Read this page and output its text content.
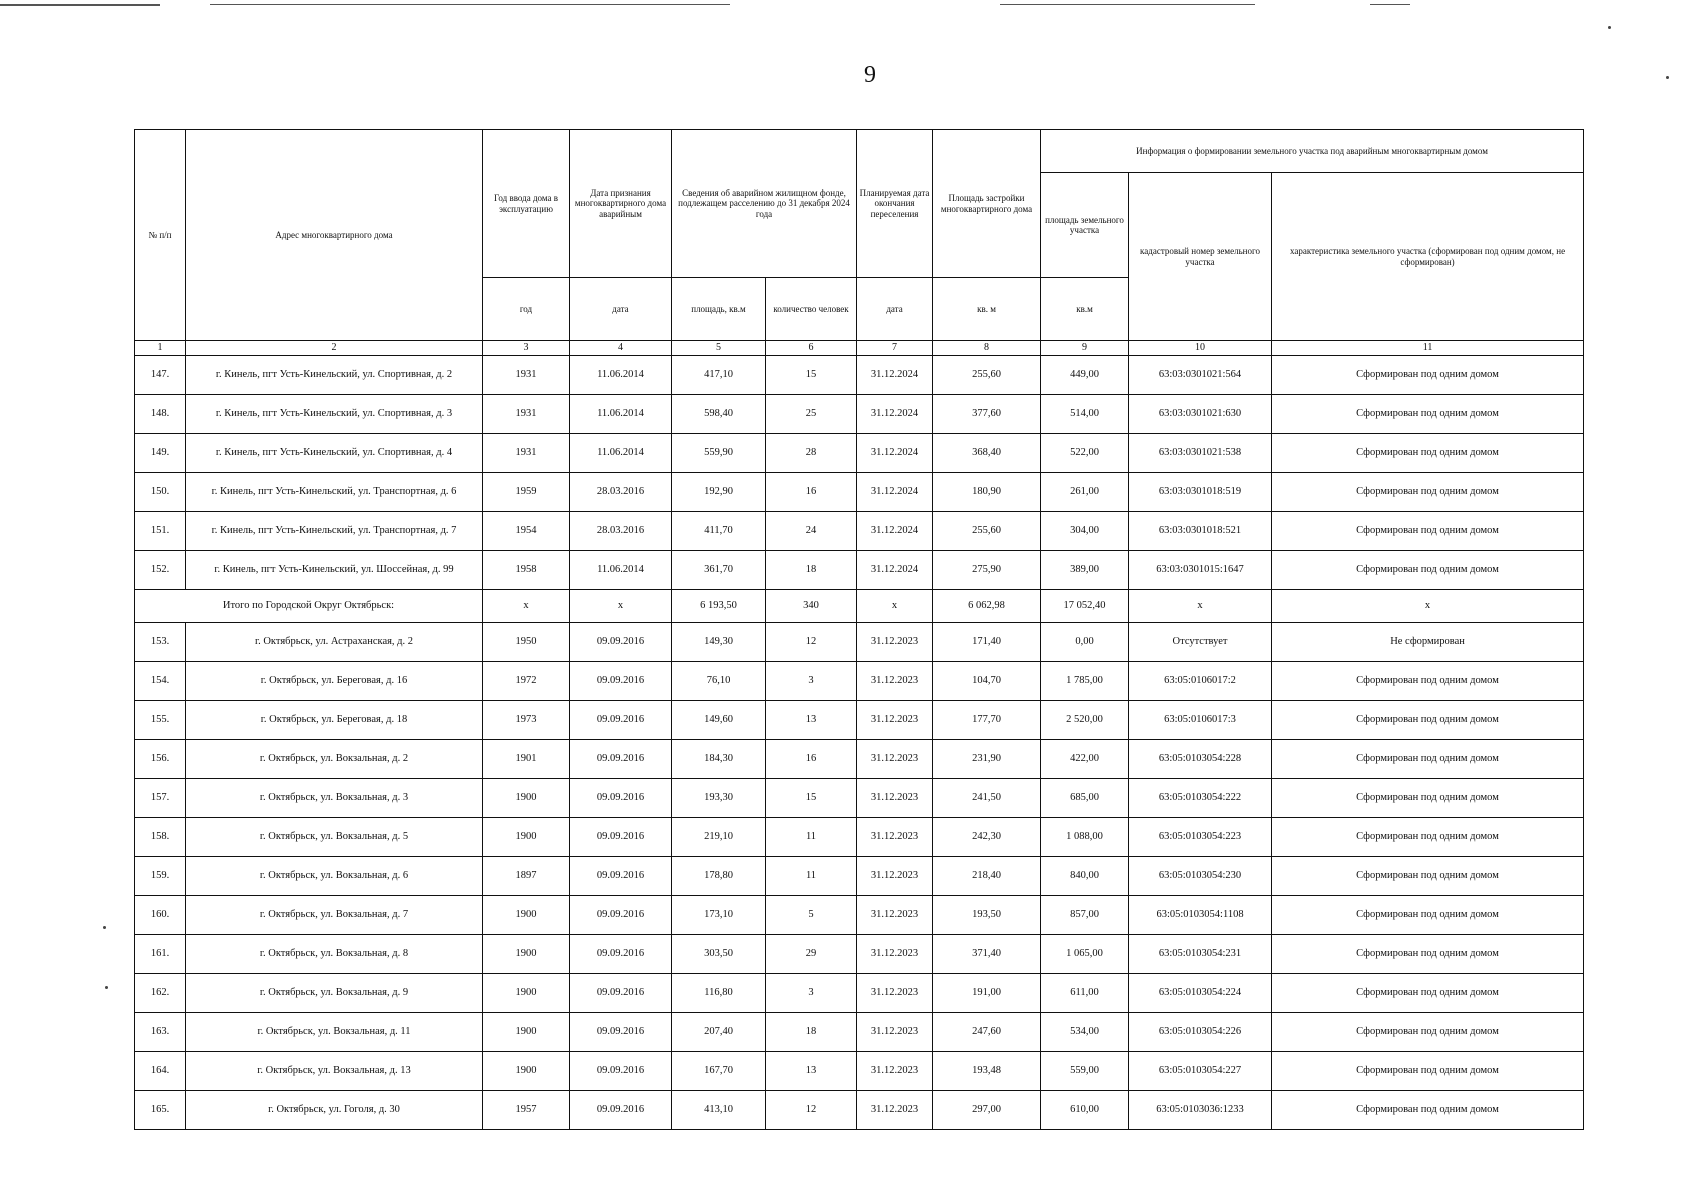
9
№ п/п	Адрес многоквартирного дома	Год ввода дома в эксплуатацию	Дата признания многоквартирного дома аварийным	Сведения об аварийном жилищном фонде, подлежащем расселению до 31 декабря 2024 года		Планируемая дата окончания переселения	Площадь застройки многоквартирного дома	Информация о формировании земельного участка под аварийным многоквартирным домом		
								площадь земельного участка	кадастровый номер земельного участка	характеристика земельного участка (сформирован под одним домом, не сформирован)
		год	дата	площадь, кв.м	количество человек	дата	кв. м	кв.м		
1	2	3	4	5	6	7	8	9	10	11
147.	г. Кинель, пгт Усть-Кинельский, ул. Спортивная, д. 2	1931	11.06.2014	417,10	15	31.12.2024	255,60	449,00	63:03:0301021:564	Сформирован под одним домом
148.	г. Кинель, пгт Усть-Кинельский, ул. Спортивная, д. 3	1931	11.06.2014	598,40	25	31.12.2024	377,60	514,00	63:03:0301021:630	Сформирован под одним домом
149.	г. Кинель, пгт Усть-Кинельский, ул. Спортивная, д. 4	1931	11.06.2014	559,90	28	31.12.2024	368,40	522,00	63:03:0301021:538	Сформирован под одним домом
150.	г. Кинель, пгт Усть-Кинельский, ул. Транспортная, д. 6	1959	28.03.2016	192,90	16	31.12.2024	180,90	261,00	63:03:0301018:519	Сформирован под одним домом
151.	г. Кинель, пгт Усть-Кинельский, ул. Транспортная, д. 7	1954	28.03.2016	411,70	24	31.12.2024	255,60	304,00	63:03:0301018:521	Сформирован под одним домом
152.	г. Кинель, пгт Усть-Кинельский, ул. Шоссейная, д. 99	1958	11.06.2014	361,70	18	31.12.2024	275,90	389,00	63:03:0301015:1647	Сформирован под одним домом
Итого по Городской Округ Октябрьск:		x	x	6 193,50	340	x	6 062,98	17 052,40	x	x
153.	г. Октябрьск, ул. Астраханская, д. 2	1950	09.09.2016	149,30	12	31.12.2023	171,40	0,00	Отсутствует	Не сформирован
154.	г. Октябрьск, ул. Береговая, д. 16	1972	09.09.2016	76,10	3	31.12.2023	104,70	1 785,00	63:05:0106017:2	Сформирован под одним домом
155.	г. Октябрьск, ул. Береговая, д. 18	1973	09.09.2016	149,60	13	31.12.2023	177,70	2 520,00	63:05:0106017:3	Сформирован под одним домом
156.	г. Октябрьск, ул. Вокзальная, д. 2	1901	09.09.2016	184,30	16	31.12.2023	231,90	422,00	63:05:0103054:228	Сформирован под одним домом
157.	г. Октябрьск, ул. Вокзальная, д. 3	1900	09.09.2016	193,30	15	31.12.2023	241,50	685,00	63:05:0103054:222	Сформирован под одним домом
158.	г. Октябрьск, ул. Вокзальная, д. 5	1900	09.09.2016	219,10	11	31.12.2023	242,30	1 088,00	63:05:0103054:223	Сформирован под одним домом
159.	г. Октябрьск, ул. Вокзальная, д. 6	1897	09.09.2016	178,80	11	31.12.2023	218,40	840,00	63:05:0103054:230	Сформирован под одним домом
160.	г. Октябрьск, ул. Вокзальная, д. 7	1900	09.09.2016	173,10	5	31.12.2023	193,50	857,00	63:05:0103054:1108	Сформирован под одним домом
161.	г. Октябрьск, ул. Вокзальная, д. 8	1900	09.09.2016	303,50	29	31.12.2023	371,40	1 065,00	63:05:0103054:231	Сформирован под одним домом
162.	г. Октябрьск, ул. Вокзальная, д. 9	1900	09.09.2016	116,80	3	31.12.2023	191,00	611,00	63:05:0103054:224	Сформирован под одним домом
163.	г. Октябрьск, ул. Вокзальная, д. 11	1900	09.09.2016	207,40	18	31.12.2023	247,60	534,00	63:05:0103054:226	Сформирован под одним домом
164.	г. Октябрьск, ул. Вокзальная, д. 13	1900	09.09.2016	167,70	13	31.12.2023	193,48	559,00	63:05:0103054:227	Сформирован под одним домом
165.	г. Октябрьск, ул. Гоголя, д. 30	1957	09.09.2016	413,10	12	31.12.2023	297,00	610,00	63:05:0103036:1233	Сформирован под одним домом
